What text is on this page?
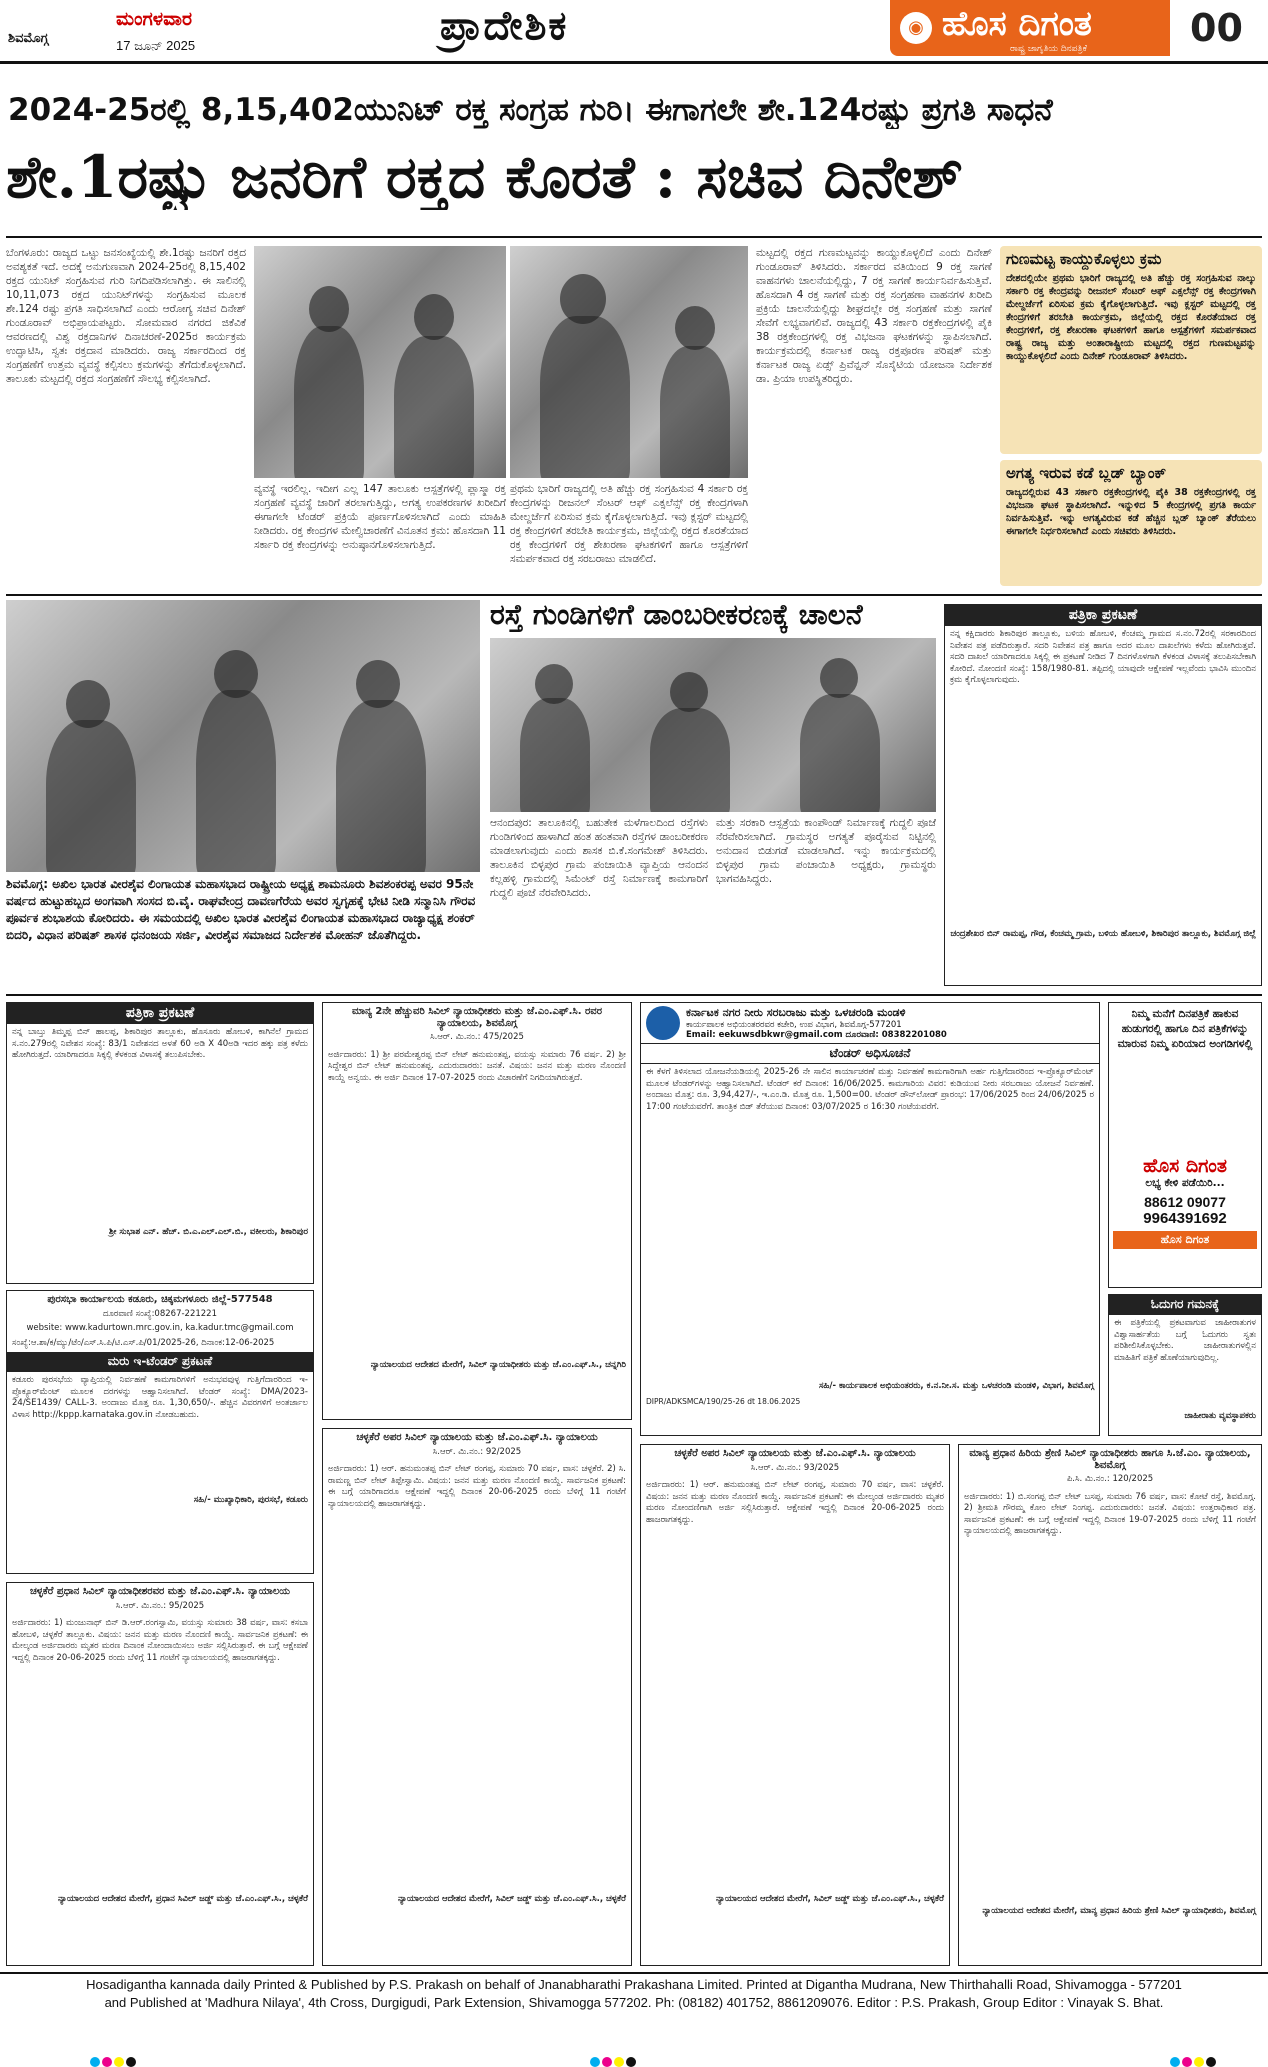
ಶಿವಮೊಗ್ಗ
ಮಂಗಳವಾರ
17 ಜೂನ್ 2025	ಪ್ರಾದೇಶಿಕ	◉ ಹೊಸ ದಿಗಂತ
ರಾಷ್ಟ್ರ ಜಾಗೃತಿಯ ದಿನಪತ್ರಿಕೆ	00
2024-25ರಲ್ಲಿ 8,15,402ಯುನಿಟ್ ರಕ್ತ ಸಂಗ್ರಹ ಗುರಿ। ಈಗಾಗಲೇ ಶೇ.124ರಷ್ಟು ಪ್ರಗತಿ ಸಾಧನೆ
ಶೇ.1ರಷ್ಟು ಜನರಿಗೆ ರಕ್ತದ ಕೊರತೆ : ಸಚಿವ ದಿನೇಶ್
ಬೆಂಗಳೂರು: ರಾಜ್ಯದ ಒಟ್ಟು ಜನಸಂಖ್ಯೆಯಲ್ಲಿ ಶೇ.1ರಷ್ಟು ಜನರಿಗೆ ರಕ್ತದ ಅವಶ್ಯಕತೆ ಇದೆ. ಅದಕ್ಕೆ ಅನುಗುಣವಾಗಿ 2024-25ರಲ್ಲಿ 8,15,402 ರಕ್ತದ ಯುನಿಟ್ ಸಂಗ್ರಹಿಸುವ ಗುರಿ ನಿಗದಿಪಡಿಸಲಾಗಿತ್ತು. ಈ ಸಾಲಿನಲ್ಲಿ 10,11,073 ರಕ್ತದ ಯುನಿಟ್‌ಗಳನ್ನು ಸಂಗ್ರಹಿಸುವ ಮೂಲಕ ಶೇ.124 ರಷ್ಟು ಪ್ರಗತಿ ಸಾಧಿಸಲಾಗಿದೆ ಎಂದು ಆರೋಗ್ಯ ಸಚಿವ ದಿನೇಶ್ ಗುಂಡೂರಾವ್ ಅಭಿಪ್ರಾಯಪಟ್ಟರು. ಸೋಮವಾರ ನಗರದ ಜಿಕೆವಿಕೆ ಆವರಣದಲ್ಲಿ ವಿಶ್ವ ರಕ್ತದಾನಿಗಳ ದಿನಾಚರಣೆ-2025ರ ಕಾರ್ಯಕ್ರಮ ಉದ್ಘಾಟಿಸಿ, ಸ್ವತಃ ರಕ್ತದಾನ ಮಾಡಿದರು. ರಾಜ್ಯ ಸರ್ಕಾರದಿಂದ ರಕ್ತ ಸಂಗ್ರಹಣೆಗೆ ಉತ್ತಮ ವ್ಯವಸ್ಥೆ ಕಲ್ಪಿಸಲು ಕ್ರಮಗಳನ್ನು ತೆಗೆದುಕೊಳ್ಳಲಾಗಿದೆ. ತಾಲೂಕು ಮಟ್ಟದಲ್ಲಿ ರಕ್ತದ ಸಂಗ್ರಹಣೆಗೆ ಸೌಲಭ್ಯ ಕಲ್ಪಿಸಲಾಗಿದೆ.
ವ್ಯವಸ್ಥೆ ಇರಲಿಲ್ಲ. ಇದೀಗ ಎಲ್ಲ 147 ತಾಲೂಕು ಆಸ್ಪತ್ರೆಗಳಲ್ಲಿ ಪ್ಲಾಸ್ಮಾ ರಕ್ತ ಸಂಗ್ರಹಣೆ ವ್ಯವಸ್ಥೆ ಜಾರಿಗೆ ತರಲಾಗುತ್ತಿದ್ದು, ಅಗತ್ಯ ಉಪಕರಣಗಳ ಖರೀದಿಗೆ ಈಗಾಗಲೇ ಟೆಂಡರ್ ಪ್ರಕ್ರಿಯೆ ಪೂರ್ಣಗೊಳಿಸಲಾಗಿದೆ ಎಂದು ಮಾಹಿತಿ ನೀಡಿದರು. ರಕ್ತ ಕೇಂದ್ರಗಳ ಮೇಲ್ವಿಚಾರಣೆಗೆ ವಿನೂತನ ಕ್ರಮ: ಹೊಸದಾಗಿ 11 ಸರ್ಕಾರಿ ರಕ್ತ ಕೇಂದ್ರಗಳನ್ನು ಅನುಷ್ಠಾನಗೊಳಿಸಲಾಗುತ್ತಿದೆ.
ಪ್ರಥಮ ಭಾರಿಗೆ ರಾಜ್ಯದಲ್ಲಿ ಅತಿ ಹೆಚ್ಚು ರಕ್ತ ಸಂಗ್ರಹಿಸುವ 4 ಸರ್ಕಾರಿ ರಕ್ತ ಕೇಂದ್ರಗಳನ್ನು ರೀಜನಲ್ ಸೆಂಟರ್ ಆಫ್ ಎಕ್ಸಲೆನ್ಸ್ ರಕ್ತ ಕೇಂದ್ರಗಳಾಗಿ ಮೇಲ್ದರ್ಜೆಗೆ ಏರಿಸುವ ಕ್ರಮ ಕೈಗೊಳ್ಳಲಾಗುತ್ತಿದೆ. ಇವು ಕ್ಲಸ್ಟರ್ ಮಟ್ಟದಲ್ಲಿ ರಕ್ತ ಕೇಂದ್ರಗಳಿಗೆ ತರಬೇತಿ ಕಾರ್ಯಕ್ರಮ, ಜಿಲ್ಲೆಯಲ್ಲಿ ರಕ್ತದ ಕೊರತೆಯಾದ ರಕ್ತ ಕೇಂದ್ರಗಳಿಗೆ ರಕ್ತ ಶೇಖರಣಾ ಘಟಕಗಳಿಗೆ ಹಾಗೂ ಆಸ್ಪತ್ರೆಗಳಿಗೆ ಸಮರ್ಪಕವಾದ ರಕ್ತ ಸರಬರಾಜು ಮಾಡಲಿದೆ.
ಮಟ್ಟದಲ್ಲಿ ರಕ್ತದ ಗುಣಮಟ್ಟವನ್ನು ಕಾಯ್ದುಕೊಳ್ಳಲಿದೆ ಎಂದು ದಿನೇಶ್ ಗುಂಡೂರಾವ್ ತಿಳಿಸಿದರು. ಸರ್ಕಾರದ ವತಿಯಿಂದ 9 ರಕ್ತ ಸಾಗಣೆ ವಾಹನಗಳು ಚಾಲನೆಯಲ್ಲಿದ್ದು, 7 ರಕ್ತ ಸಾಗಣೆ ಕಾರ್ಯನಿರ್ವಹಿಸುತ್ತಿವೆ. ಹೊಸದಾಗಿ 4 ರಕ್ತ ಸಾಗಣೆ ಮತ್ತು ರಕ್ತ ಸಂಗ್ರಹಣಾ ವಾಹನಗಳ ಖರೀದಿ ಪ್ರಕ್ರಿಯೆ ಚಾಲನೆಯಲ್ಲಿದ್ದು ಶೀಘ್ರದಲ್ಲೇ ರಕ್ತ ಸಂಗ್ರಹಣೆ ಮತ್ತು ಸಾಗಣೆ ಸೇವೆಗೆ ಲಭ್ಯವಾಗಲಿವೆ. ರಾಜ್ಯದಲ್ಲಿ 43 ಸರ್ಕಾರಿ ರಕ್ತಕೇಂದ್ರಗಳಲ್ಲಿ ಪೈಕಿ 38 ರಕ್ತಕೇಂದ್ರಗಳಲ್ಲಿ ರಕ್ತ ವಿಭಜನಾ ಘಟಕಗಳನ್ನು ಸ್ಥಾಪಿಸಲಾಗಿದೆ. ಕಾರ್ಯಕ್ರಮದಲ್ಲಿ ಕರ್ನಾಟಕ ರಾಜ್ಯ ರಕ್ತಪೂರಣ ಪರಿಷತ್ ಮತ್ತು ಕರ್ನಾಟಕ ರಾಜ್ಯ ಏಡ್ಸ್ ಪ್ರಿವೆನ್ಷನ್ ಸೊಸೈಟಿಯ ಯೋಜನಾ ನಿರ್ದೇಶಕ ಡಾ. ಪ್ರಿಯಾ ಉಪಸ್ಥಿತರಿದ್ದರು.
ಗುಣಮಟ್ಟ ಕಾಯ್ದುಕೊಳ್ಳಲು ಕ್ರಮ
ದೇಶದಲ್ಲಿಯೇ ಪ್ರಥಮ ಭಾರಿಗೆ ರಾಜ್ಯದಲ್ಲಿ ಅತಿ ಹೆಚ್ಚು ರಕ್ತ ಸಂಗ್ರಹಿಸುವ ನಾಲ್ಕು ಸರ್ಕಾರಿ ರಕ್ತ ಕೇಂದ್ರವನ್ನು ರೀಜನಲ್ ಸೆಂಟರ್ ಆಫ್ ಎಕ್ಸಲೆನ್ಸ್ ರಕ್ತ ಕೇಂದ್ರಗಳಾಗಿ ಮೇಲ್ದರ್ಜೆಗೆ ಏರಿಸುವ ಕ್ರಮ ಕೈಗೊಳ್ಳಲಾಗುತ್ತಿದೆ. ಇವು ಕ್ಲಸ್ಟರ್ ಮಟ್ಟದಲ್ಲಿ ರಕ್ತ ಕೇಂದ್ರಗಳಿಗೆ ತರಬೇತಿ ಕಾರ್ಯಕ್ರಮ, ಜಿಲ್ಲೆಯಲ್ಲಿ ರಕ್ತದ ಕೊರತೆಯಾದ ರಕ್ತ ಕೇಂದ್ರಗಳಿಗೆ, ರಕ್ತ ಶೇಖರಣಾ ಘಟಕಗಳಿಗೆ ಹಾಗೂ ಆಸ್ಪತ್ರೆಗಳಿಗೆ ಸಮರ್ಪಕವಾದ ರಾಷ್ಟ್ರ ರಾಜ್ಯ ಮತ್ತು ಅಂತಾರಾಷ್ಟ್ರೀಯ ಮಟ್ಟದಲ್ಲಿ ರಕ್ತದ ಗುಣಮಟ್ಟವನ್ನು ಕಾಯ್ದುಕೊಳ್ಳಲಿದೆ ಎಂದು ದಿನೇಶ್ ಗುಂಡೂರಾವ್ ತಿಳಿಸಿದರು.
ಅಗತ್ಯ ಇರುವ ಕಡೆ ಬ್ಲಡ್ ಬ್ಯಾಂಕ್
ರಾಜ್ಯದಲ್ಲಿರುವ 43 ಸರ್ಕಾರಿ ರಕ್ತಕೇಂದ್ರಗಳಲ್ಲಿ ಪೈಕಿ 38 ರಕ್ತಕೇಂದ್ರಗಳಲ್ಲಿ ರಕ್ತ ವಿಭಜನಾ ಘಟಕ ಸ್ಥಾಪಿಸಲಾಗಿದೆ. ಇನ್ನುಳಿದ 5 ಕೇಂದ್ರಗಳಲ್ಲಿ ಪ್ರಗತಿ ಕಾರ್ಯ ನಿರ್ವಹಿಸುತ್ತಿವೆ. ಇನ್ನು ಅಗತ್ಯವಿರುವ ಕಡೆ ಹೆಚ್ಚಿನ ಬ್ಲಡ್ ಬ್ಯಾಂಕ್ ತೆರೆಯಲು ಈಗಾಗಲೇ ನಿರ್ಧರಿಸಲಾಗಿದೆ ಎಂದು ಸಚಿವರು ತಿಳಿಸಿದರು.
ಶಿವಮೊಗ್ಗ: ಅಖಿಲ ಭಾರತ ವೀರಶೈವ ಲಿಂಗಾಯತ ಮಹಾಸಭಾದ ರಾಷ್ಟ್ರೀಯ ಅಧ್ಯಕ್ಷ ಶಾಮನೂರು ಶಿವಶಂಕರಪ್ಪ ಅವರ 95ನೇ ವರ್ಷದ ಹುಟ್ಟುಹಬ್ಬದ ಅಂಗವಾಗಿ ಸಂಸದ ಬಿ.ವೈ. ರಾಘವೇಂದ್ರ ದಾವಣಗೆರೆಯ ಅವರ ಸ್ವಗೃಹಕ್ಕೆ ಭೇಟಿ ನೀಡಿ ಸನ್ಮಾನಿಸಿ ಗೌರವ ಪೂರ್ವಕ ಶುಭಾಶಯ ಕೋರಿದರು. ಈ ಸಮಯದಲ್ಲಿ ಅಖಿಲ ಭಾರತ ವೀರಶೈವ ಲಿಂಗಾಯತ ಮಹಾಸಭಾದ ರಾಜ್ಯಾಧ್ಯಕ್ಷ ಶಂಕರ್ ಬಿದರಿ, ವಿಧಾನ ಪರಿಷತ್ ಶಾಸಕ ಧನಂಜಯ ಸರ್ಜಿ, ವೀರಶೈವ ಸಮಾಜದ ನಿರ್ದೇಶಕ ಮೋಹನ್ ಜೊತೆಗಿದ್ದರು.
ರಸ್ತೆ ಗುಂಡಿಗಳಿಗೆ ಡಾಂಬರೀಕರಣಕ್ಕೆ ಚಾಲನೆ
ಆನಂದಪುರ: ತಾಲೂಕಿನಲ್ಲಿ ಬಹುತೇಕ ಮಳೆಗಾಲದಿಂದ ರಸ್ತೆಗಳು ಗುಂಡಿಗಳಿಂದ ಹಾಳಾಗಿದೆ ಹಂತ ಹಂತವಾಗಿ ರಸ್ತೆಗಳ ಡಾಂಬರೀಕರಣ ಮಾಡಲಾಗುವುದು ಎಂದು ಶಾಸಕ ಬಿ.ಕೆ.ಸಂಗಮೇಶ್ ತಿಳಿಸಿದರು. ತಾಲೂಕಿನ ಬಿಳ್ಳಪುರ ಗ್ರಾಮ ಪಂಚಾಯಿತಿ ವ್ಯಾಪ್ತಿಯ ಆನಂದನ ಕಲ್ಲಹಳ್ಳಿ ಗ್ರಾಮದಲ್ಲಿ ಸಿಮೆಂಟ್ ರಸ್ತೆ ನಿರ್ಮಾಣಕ್ಕೆ ಕಾಮಗಾರಿಗೆ ಗುದ್ದಲಿ ಪೂಜೆ ನೆರವೇರಿಸಿದರು.
ಮತ್ತು ಸರಕಾರಿ ಆಸ್ಪತ್ರೆಯ ಕಾಂಪೌಂಡ್ ನಿರ್ಮಾಣಕ್ಕೆ ಗುದ್ದಲಿ ಪೂಜೆ ನೆರವೇರಿಸಲಾಗಿದೆ. ಗ್ರಾಮಸ್ಥರ ಅಗತ್ಯತೆ ಪೂರೈಸುವ ನಿಟ್ಟಿನಲ್ಲಿ ಅನುದಾನ ಬಿಡುಗಡೆ ಮಾಡಲಾಗಿದೆ. ಇನ್ನು ಕಾರ್ಯಕ್ರಮದಲ್ಲಿ ಬಿಳ್ಳಪುರ ಗ್ರಾಮ ಪಂಚಾಯಿತಿ ಅಧ್ಯಕ್ಷರು, ಗ್ರಾಮಸ್ಥರು ಭಾಗವಹಿಸಿದ್ದರು.
ಪತ್ರಿಕಾ ಪ್ರಕಟಣೆ
ನನ್ನ ಕಕ್ಷಿದಾರರು ಶಿಕಾರಿಪುರ ತಾಲ್ಲೂಕು, ಬಳಿಯ ಹೋಬಳಿ, ಕೆಂಚಮ್ಮ ಗ್ರಾಮದ ಸ.ನಂ.72ರಲ್ಲಿ ಸರಕಾರದಿಂದ ನಿವೇಶನ ಪತ್ರ ಪಡೆದಿರುತ್ತಾರೆ. ಸದರಿ ನಿವೇಶನ ಪತ್ರ ಹಾಗೂ ಅದರ ಮೂಲ ದಾಖಲೆಗಳು ಕಳೆದು ಹೋಗಿರುತ್ತವೆ. ಸದರಿ ದಾಖಲೆ ಯಾರಿಗಾದರೂ ಸಿಕ್ಕಲ್ಲಿ ಈ ಪ್ರಕಟಣೆ ನೀಡಿದ 7 ದಿನಗಳೊಳಗಾಗಿ ಕೆಳಕಂಡ ವಿಳಾಸಕ್ಕೆ ತಲುಪಿಸಬೇಕಾಗಿ ಕೋರಿದೆ. ನೋಂದಣಿ ಸಂಖ್ಯೆ: 158/1980-81. ತಪ್ಪಿದಲ್ಲಿ ಯಾವುದೇ ಆಕ್ಷೇಪಣೆ ಇಲ್ಲವೆಂದು ಭಾವಿಸಿ ಮುಂದಿನ ಕ್ರಮ ಕೈಗೊಳ್ಳಲಾಗುವುದು.
ಚಂದ್ರಶೇಖರ ಬಿನ್ ರಾಮಪ್ಪ, ಗೌಡ, ಕೆಂಚಮ್ಮ ಗ್ರಾಮ, ಬಳಿಯ ಹೋಬಳಿ, ಶಿಕಾರಿಪುರ ತಾಲ್ಲೂಕು, ಶಿವಮೊಗ್ಗ ಜಿಲ್ಲೆ
ಪತ್ರಿಕಾ ಪ್ರಕಟಣೆ
ನನ್ನ ಬಾಬ್ತು ತಿಮ್ಮಪ್ಪ ಬಿನ್ ಹಾಲಪ್ಪ, ಶಿಕಾರಿಪುರ ತಾಲ್ಲೂಕು, ಹೊಸೂರು ಹೋಬಳಿ, ಕಾಗಿನೆಲೆ ಗ್ರಾಮದ ಸ.ನಂ.279ರಲ್ಲಿ ನಿವೇಶನ ಸಂಖ್ಯೆ: 83/1 ನಿವೇಶನದ ಅಳತೆ 60 ಅಡಿ X 40ಅಡಿ ಇದರ ಹಕ್ಕು ಪತ್ರ ಕಳೆದು ಹೋಗಿರುತ್ತದೆ. ಯಾರಿಗಾದರೂ ಸಿಕ್ಕಲ್ಲಿ ಕೆಳಕಂಡ ವಿಳಾಸಕ್ಕೆ ತಲುಪಿಸಬೇಕು.
ಶ್ರೀ ಸುಭಾಶ ಎನ್. ಹೆಚ್. ಬಿ.ಎ.ಎಲ್.ಎಲ್.ಬಿ., ವಕೀಲರು, ಶಿಕಾರಿಪುರ
ಪುರಸಭಾ ಕಾರ್ಯಾಲಯ ಕಡೂರು, ಚಿಕ್ಕಮಗಳೂರು ಜಿಲ್ಲೆ-577548
ದೂರವಾಣಿ ಸಂಖ್ಯೆ:08267-221221
website: www.kadurtown.mrc.gov.in, ka.kadur.tmc@gmail.com
ಸಂಖ್ಯೆ:ಆ.ಶಾ/ಕ/ಮ್ಯು/ಟೆಂ/ಎಸ್.ಸಿ.ಪಿ/ಟಿ.ಎಸ್.ಪಿ/01/2025-26, ದಿನಾಂಕ:12-06-2025
ಮರು ಇ-ಟೆಂಡರ್ ಪ್ರಕಟಣೆ
ಕಡೂರು ಪುರಸಭೆಯ ವ್ಯಾಪ್ತಿಯಲ್ಲಿ ನಿರ್ವಹಣೆ ಕಾಮಗಾರಿಗಳಿಗೆ ಅನುಭವವುಳ್ಳ ಗುತ್ತಿಗೆದಾರರಿಂದ ಇ-ಪ್ರೊಕ್ಯೂರ್‌ಮೆಂಟ್ ಮೂಲಕ ದರಗಳನ್ನು ಆಹ್ವಾನಿಸಲಾಗಿದೆ. ಟೆಂಡರ್ ಸಂಖ್ಯೆ: DMA/2023-24/SE1439/ CALL-3. ಅಂದಾಜು ಮೊತ್ತ ರೂ. 1,30,650/-. ಹೆಚ್ಚಿನ ವಿವರಗಳಿಗೆ ಅಂತರ್ಜಾಲ ವಿಳಾಸ http://kppp.karnataka.gov.in ನೋಡಬಹುದು.
ಸಹಿ/- ಮುಖ್ಯಾಧಿಕಾರಿ, ಪುರಸಭೆ, ಕಡೂರು
ಮಾನ್ಯ 2ನೇ ಹೆಚ್ಚುವರಿ ಸಿವಿಲ್ ನ್ಯಾಯಾಧೀಶರು ಮತ್ತು ಜೆ.ಎಂ.ಎಫ್.ಸಿ. ರವರ ನ್ಯಾಯಾಲಯ, ಶಿವಮೊಗ್ಗ
ಸಿ.ಆರ್. ಮಿ.ನಂ.: 475/2025
ಅರ್ಜಿದಾರರು: 1) ಶ್ರೀ ಪರಮೇಶ್ವರಪ್ಪ ಬಿನ್ ಲೇಟ್ ಹನುಮಂತಪ್ಪ, ವಯಸ್ಸು ಸುಮಾರು 76 ವರ್ಷ. 2) ಶ್ರೀ ಸಿದ್ದೇಶ್ವರ ಬಿನ್ ಲೇಟ್ ಹನುಮಂತಪ್ಪ. ಎದುರುದಾರರು: ಜನತೆ. ವಿಷಯ: ಜನನ ಮತ್ತು ಮರಣ ನೊಂದಣಿ ಕಾಯ್ದೆ ಅನ್ವಯ. ಈ ಅರ್ಜಿ ದಿನಾಂಕ 17-07-2025 ರಂದು ವಿಚಾರಣೆಗೆ ನಿಗದಿಯಾಗಿರುತ್ತದೆ.
ನ್ಯಾಯಾಲಯದ ಆದೇಶದ ಮೇರೆಗೆ, ಸಿವಿಲ್ ನ್ಯಾಯಾಧೀಶರು ಮತ್ತು ಜೆ.ಎಂ.ಎಫ್.ಸಿ., ಚನ್ನಗಿರಿ
ಕರ್ನಾಟಕ ನಗರ ನೀರು ಸರಬರಾಜು ಮತ್ತು ಒಳಚರಂಡಿ ಮಂಡಳಿ
ಕಾರ್ಯಪಾಲಕ ಅಭಿಯಂತರರವರ ಕಚೇರಿ, ಉಪ ವಿಭಾಗ, ಶಿವಮೊಗ್ಗ-577201
Email: eekuwsdbkwr@gmail.com ದೂರವಾಣಿ: 08382201080
ಟೆಂಡರ್ ಅಧಿಸೂಚನೆ
ಈ ಕೆಳಗೆ ತಿಳಿಸಲಾದ ಯೋಜನೆಯಡಿಯಲ್ಲಿ 2025-26 ನೇ ಸಾಲಿನ ಕಾರ್ಯಾಚರಣೆ ಮತ್ತು ನಿರ್ವಹಣೆ ಕಾಮಗಾರಿಗಾಗಿ ಅರ್ಹ ಗುತ್ತಿಗೆದಾರರಿಂದ ಇ-ಪ್ರೊಕ್ಯೂರ್‌ಮೆಂಟ್ ಮೂಲಕ ಟೆಂಡರ್‌ಗಳನ್ನು ಆಹ್ವಾನಿಸಲಾಗಿದೆ. ಟೆಂಡರ್ ಕರೆ ದಿನಾಂಕ: 16/06/2025. ಕಾಮಗಾರಿಯ ವಿವರ: ಕುಡಿಯುವ ನೀರು ಸರಬರಾಜು ಯೋಜನೆ ನಿರ್ವಹಣೆ. ಅಂದಾಜು ಮೊತ್ತ: ರೂ. 3,94,427/-, ಇ.ಎಂ.ಡಿ. ಮೊತ್ತ ರೂ. 1,500=00. ಟೆಂಡರ್ ಡೌನ್‌ಲೋಡ್ ಪ್ರಾರಂಭ: 17/06/2025 ರಿಂದ 24/06/2025 ರ 17:00 ಗಂಟೆಯವರೆಗೆ. ತಾಂತ್ರಿಕ ಬಿಡ್ ತೆರೆಯುವ ದಿನಾಂಕ: 03/07/2025 ರ 16:30 ಗಂಟೆಯವರೆಗೆ.
ಸಹಿ/- ಕಾರ್ಯಪಾಲಕ ಅಭಿಯಂತರರು, ಕ.ನ.ನೀ.ಸ. ಮತ್ತು ಒಳಚರಂಡಿ ಮಂಡಳಿ, ವಿಭಾಗ, ಶಿವಮೊಗ್ಗ
DIPR/ADKSMCA/190/25-26 dt 18.06.2025
ನಿಮ್ಮ ಮನೆಗೆ ದಿನಪತ್ರಿಕೆ ಹಾಕುವ ಹುಡುಗರಲ್ಲಿ ಹಾಗೂ ದಿನ ಪತ್ರಿಕೆಗಳನ್ನು ಮಾರುವ ನಿಮ್ಮ ಏರಿಯಾದ ಅಂಗಡಿಗಳಲ್ಲಿ
ಹೊಸ ದಿಗಂತ
ಲಭ್ಯ ಕೇಳಿ ಪಡೆಯಿರಿ...
88612 09077
9964391692
ಹೊಸ ದಿಗಂತ
ಓದುಗರ ಗಮನಕ್ಕೆ
ಈ ಪತ್ರಿಕೆಯಲ್ಲಿ ಪ್ರಕಟವಾಗುವ ಜಾಹೀರಾತುಗಳ ವಿಶ್ವಾಸಾರ್ಹತೆಯ ಬಗ್ಗೆ ಓದುಗರು ಸ್ವತಃ ಪರಿಶೀಲಿಸಿಕೊಳ್ಳಬೇಕು. ಜಾಹೀರಾತುಗಳಲ್ಲಿನ ಮಾಹಿತಿಗೆ ಪತ್ರಿಕೆ ಹೊಣೆಯಾಗುವುದಿಲ್ಲ.
ಜಾಹೀರಾತು ವ್ಯವಸ್ಥಾಪಕರು
ಚಳ್ಳಕೆರೆ ಪ್ರಧಾನ ಸಿವಿಲ್ ನ್ಯಾಯಾಧೀಶರವರ ಮತ್ತು ಜೆ.ಎಂ.ಎಫ್.ಸಿ. ನ್ಯಾಯಾಲಯ
ಸಿ.ಆರ್. ಮಿ.ನಂ.: 95/2025
ಅರ್ಜಿದಾರರು: 1) ಮಂಜುನಾಥ್ ಬಿನ್ ಡಿ.ಆರ್.ರಂಗಸ್ವಾಮಿ, ವಯಸ್ಸು ಸುಮಾರು 38 ವರ್ಷ, ವಾಸ: ಕಸಬಾ ಹೋಬಳಿ, ಚಳ್ಳಕೆರೆ ತಾಲ್ಲೂಕು. ವಿಷಯ: ಜನನ ಮತ್ತು ಮರಣ ನೊಂದಣಿ ಕಾಯ್ದೆ. ಸಾರ್ವಜನಿಕ ಪ್ರಕಟಣೆ: ಈ ಮೇಲ್ಕಂಡ ಅರ್ಜಿದಾರರು ಮೃತರ ಮರಣ ದಿನಾಂಕ ನೋಂದಾಯಿಸಲು ಅರ್ಜಿ ಸಲ್ಲಿಸಿರುತ್ತಾರೆ. ಈ ಬಗ್ಗೆ ಆಕ್ಷೇಪಣೆ ಇದ್ದಲ್ಲಿ ದಿನಾಂಕ 20-06-2025 ರಂದು ಬೆಳಿಗ್ಗೆ 11 ಗಂಟೆಗೆ ನ್ಯಾಯಾಲಯದಲ್ಲಿ ಹಾಜರಾಗತಕ್ಕದ್ದು.
ನ್ಯಾಯಾಲಯದ ಆದೇಶದ ಮೇರೆಗೆ, ಪ್ರಧಾನ ಸಿವಿಲ್ ಜಡ್ಜ್ ಮತ್ತು ಜೆ.ಎಂ.ಎಫ್.ಸಿ., ಚಳ್ಳಕೆರೆ
ಚಳ್ಳಕೆರೆ ಅಪರ ಸಿವಿಲ್ ನ್ಯಾಯಾಲಯ ಮತ್ತು ಜೆ.ಎಂ.ಎಫ್.ಸಿ. ನ್ಯಾಯಾಲಯ
ಸಿ.ಆರ್. ಮಿ.ನಂ.: 92/2025
ಅರ್ಜಿದಾರರು: 1) ಆರ್. ಹನುಮಂತಪ್ಪ ಬಿನ್ ಲೇಟ್ ರಂಗಪ್ಪ, ಸುಮಾರು 70 ವರ್ಷ, ವಾಸ: ಚಳ್ಳಕೆರೆ. 2) ಸಿ. ರಾಮಣ್ಣ ಬಿನ್ ಲೇಟ್ ತಿಪ್ಪೇಸ್ವಾಮಿ. ವಿಷಯ: ಜನನ ಮತ್ತು ಮರಣ ನೊಂದಣಿ ಕಾಯ್ದೆ. ಸಾರ್ವಜನಿಕ ಪ್ರಕಟಣೆ: ಈ ಬಗ್ಗೆ ಯಾರಿಗಾದರೂ ಆಕ್ಷೇಪಣೆ ಇದ್ದಲ್ಲಿ ದಿನಾಂಕ 20-06-2025 ರಂದು ಬೆಳಿಗ್ಗೆ 11 ಗಂಟೆಗೆ ನ್ಯಾಯಾಲಯದಲ್ಲಿ ಹಾಜರಾಗತಕ್ಕದ್ದು.
ನ್ಯಾಯಾಲಯದ ಆದೇಶದ ಮೇರೆಗೆ, ಸಿವಿಲ್ ಜಡ್ಜ್ ಮತ್ತು ಜೆ.ಎಂ.ಎಫ್.ಸಿ., ಚಳ್ಳಕೆರೆ
ಚಳ್ಳಕೆರೆ ಅಪರ ಸಿವಿಲ್ ನ್ಯಾಯಾಲಯ ಮತ್ತು ಜೆ.ಎಂ.ಎಫ್.ಸಿ. ನ್ಯಾಯಾಲಯ
ಸಿ.ಆರ್. ಮಿ.ನಂ.: 93/2025
ಅರ್ಜಿದಾರರು: 1) ಆರ್. ಹನುಮಂತಪ್ಪ ಬಿನ್ ಲೇಟ್ ರಂಗಪ್ಪ, ಸುಮಾರು 70 ವರ್ಷ, ವಾಸ: ಚಳ್ಳಕೆರೆ. ವಿಷಯ: ಜನನ ಮತ್ತು ಮರಣ ನೊಂದಣಿ ಕಾಯ್ದೆ. ಸಾರ್ವಜನಿಕ ಪ್ರಕಟಣೆ: ಈ ಮೇಲ್ಕಂಡ ಅರ್ಜಿದಾರರು ಮೃತರ ಮರಣ ನೋಂದಣಿಗಾಗಿ ಅರ್ಜಿ ಸಲ್ಲಿಸಿರುತ್ತಾರೆ. ಆಕ್ಷೇಪಣೆ ಇದ್ದಲ್ಲಿ ದಿನಾಂಕ 20-06-2025 ರಂದು ಹಾಜರಾಗತಕ್ಕದ್ದು.
ನ್ಯಾಯಾಲಯದ ಆದೇಶದ ಮೇರೆಗೆ, ಸಿವಿಲ್ ಜಡ್ಜ್ ಮತ್ತು ಜೆ.ಎಂ.ಎಫ್.ಸಿ., ಚಳ್ಳಕೆರೆ
ಮಾನ್ಯ ಪ್ರಧಾನ ಹಿರಿಯ ಶ್ರೇಣಿ ಸಿವಿಲ್ ನ್ಯಾಯಾಧೀಶರು ಹಾಗೂ ಸಿ.ಜೆ.ಎಂ. ನ್ಯಾಯಾಲಯ, ಶಿವಮೊಗ್ಗ
ಪಿ.ಸಿ. ಮಿ.ನಂ.: 120/2025
ಅರ್ಜಿದಾರರು: 1) ಬಿ.ಸಂಗಪ್ಪ ಬಿನ್ ಲೇಟ್ ಬಸಪ್ಪ, ಸುಮಾರು 76 ವರ್ಷ, ವಾಸ: ಕೋಟೆ ರಸ್ತೆ, ಶಿವಮೊಗ್ಗ. 2) ಶ್ರೀಮತಿ ಗೌರಮ್ಮ ಕೋಂ ಲೇಟ್ ನಿಂಗಪ್ಪ. ಎದುರುದಾರರು: ಜನತೆ. ವಿಷಯ: ಉತ್ತರಾಧಿಕಾರ ಪತ್ರ. ಸಾರ್ವಜನಿಕ ಪ್ರಕಟಣೆ: ಈ ಬಗ್ಗೆ ಆಕ್ಷೇಪಣೆ ಇದ್ದಲ್ಲಿ ದಿನಾಂಕ 19-07-2025 ರಂದು ಬೆಳಿಗ್ಗೆ 11 ಗಂಟೆಗೆ ನ್ಯಾಯಾಲಯದಲ್ಲಿ ಹಾಜರಾಗತಕ್ಕದ್ದು.
ನ್ಯಾಯಾಲಯದ ಆದೇಶದ ಮೇರೆಗೆ, ಮಾನ್ಯ ಪ್ರಧಾನ ಹಿರಿಯ ಶ್ರೇಣಿ ಸಿವಿಲ್ ನ್ಯಾಯಾಧೀಶರು, ಶಿವಮೊಗ್ಗ
Hosadigantha kannada daily Printed & Published by P.S. Prakash on behalf of Jnanabharathi Prakashana Limited. Printed at Digantha Mudrana, New Thirthahalli Road, Shivamogga - 577201
and Published at 'Madhura Nilaya', 4th Cross, Durgigudi, Park Extension, Shivamogga 577202. Ph: (08182) 401752, 8861209076. Editor : P.S. Prakash, Group Editor : Vinayak S. Bhat.
